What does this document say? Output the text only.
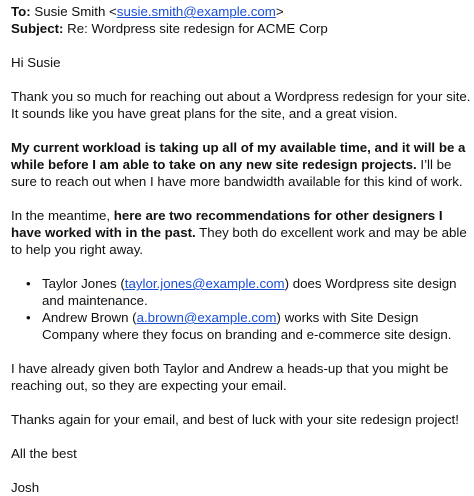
To: Susie Smith <susie.smith@example.com>
Subject: Re: Wordpress site redesign for ACME Corp

Hi Susie

Thank you so much for reaching out about a Wordpress redesign for your site. It sounds like you have great plans for the site, and a great vision.

My current workload is taking up all of my available time, and it will be a while before I am able to take on any new site redesign projects. I’ll be sure to reach out when I have more bandwidth available for this kind of work.

In the meantime, here are two recommendations for other designers I have worked with in the past. They both do excellent work and may be able to help you right away.

• Taylor Jones (taylor.jones@example.com) does Wordpress site design and maintenance.
• Andrew Brown (a.brown@example.com) works with Site Design Company where they focus on branding and e-commerce site design.

I have already given both Taylor and Andrew a heads-up that you might be reaching out, so they are expecting your email.

Thanks again for your email, and best of luck with your site redesign project!

All the best

Josh
